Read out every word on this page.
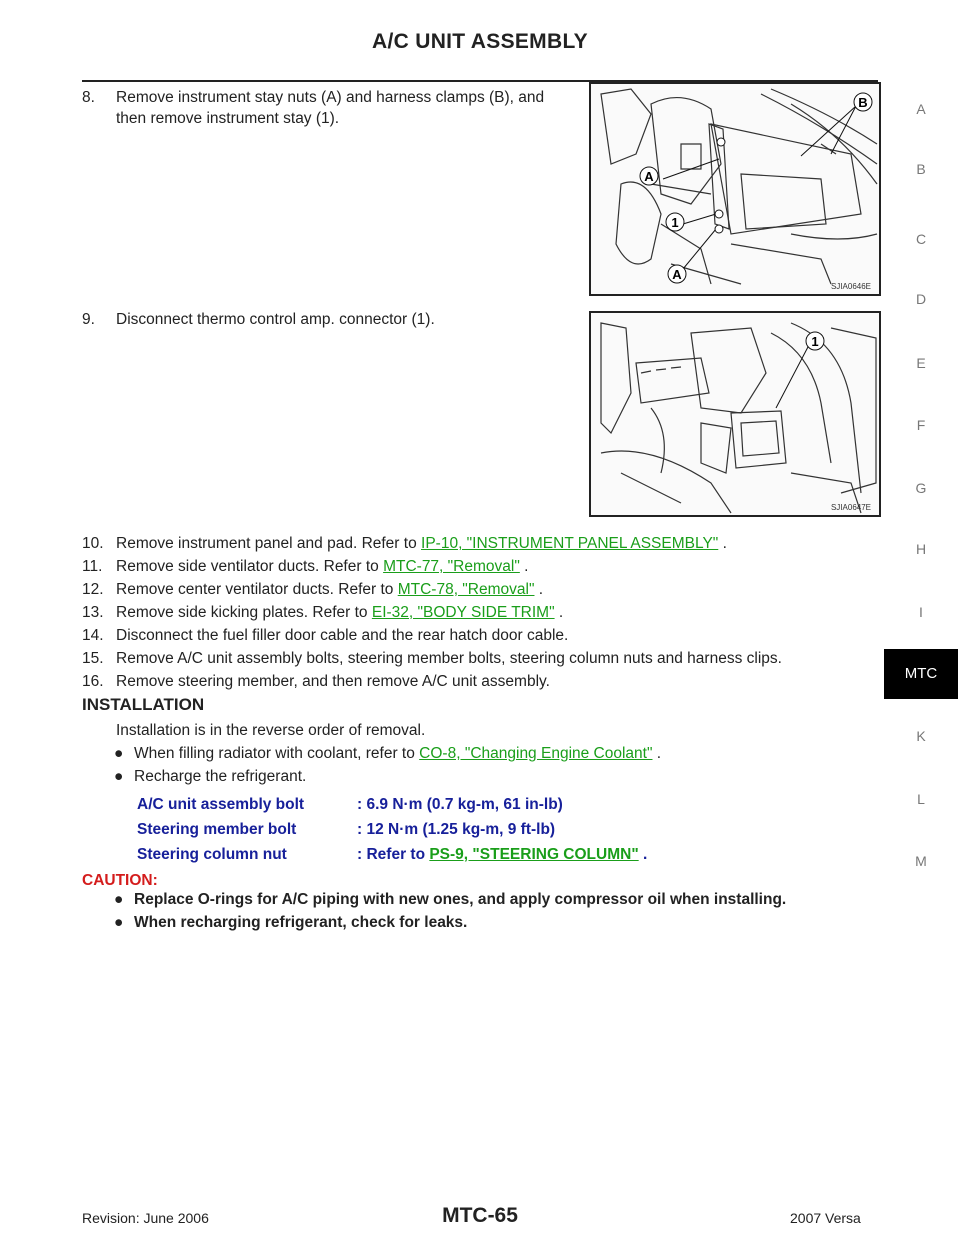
A/C UNIT ASSEMBLY
A
B
C
D
E
F
G
H
I
MTC
K
L
M
8. Remove instrument stay nuts (A) and harness clamps (B), and
then remove instrument stay (1).
B
A
1
A
SJIA0646E
9. Disconnect thermo control amp. connector (1).
1
SJIA0647E
10. Remove instrument panel and pad. Refer to IP-10, "INSTRUMENT PANEL ASSEMBLY" .
11. Remove side ventilator ducts. Refer to MTC-77, "Removal" .
12. Remove center ventilator ducts. Refer to MTC-78, "Removal" .
13. Remove side kicking plates. Refer to EI-32, "BODY SIDE TRIM" .
14. Disconnect the fuel filler door cable and the rear hatch door cable.
15. Remove A/C unit assembly bolts, steering member bolts, steering column nuts and harness clips.
16. Remove steering member, and then remove A/C unit assembly.
INSTALLATION
Installation is in the reverse order of removal.
● When filling radiator with coolant, refer to CO-8, "Changing Engine Coolant" .
● Recharge the refrigerant.
A/C unit assembly bolt	: 6.9 N·m (0.7 kg-m, 61 in-lb)
Steering member bolt	: 12 N·m (1.25 kg-m, 9 ft-lb)
Steering column nut	: Refer to PS-9, "STEERING COLUMN" .
CAUTION:
● Replace O-rings for A/C piping with new ones, and apply compressor oil when installing.
● When recharging refrigerant, check for leaks.
Revision: June 2006	MTC-65	2007 Versa
